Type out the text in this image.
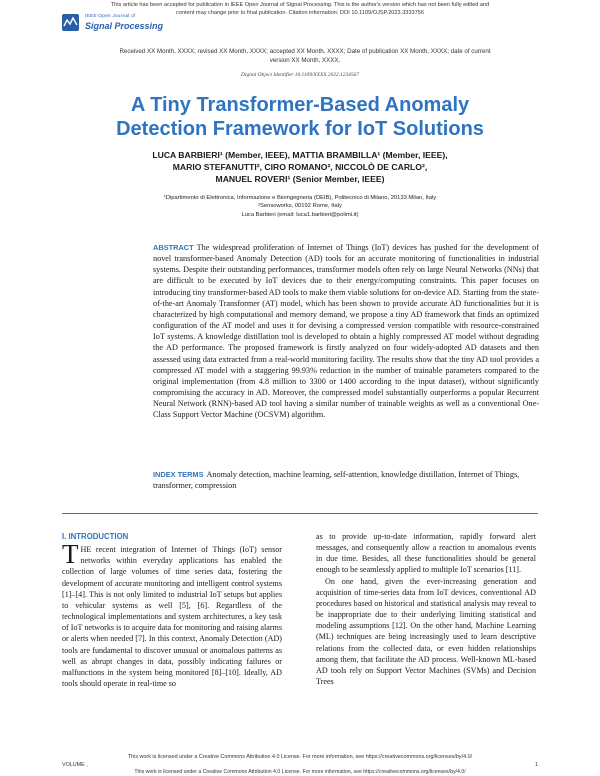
This article has been accepted for publication in IEEE Open Journal of Signal Processing. This is the author's version which has not been fully edited and
content may change prior to final publication. Citation information: DOI 10.1109/OJSP.2023.3333756
IEEE Open Journal of
Signal Processing
Received XX Month, XXXX; revised XX Month, XXXX; accepted XX Month, XXXX; Date of publication XX Month, XXXX; date of current version XX Month, XXXX.
Digital Object Identifier 10.1109/XXXX.2022.1234567
A Tiny Transformer-Based Anomaly
Detection Framework for IoT Solutions
LUCA BARBIERI¹ (Member, IEEE), MATTIA BRAMBILLA¹ (Member, IEEE),
MARIO STEFANUTTI², CIRO ROMANO², NICCOLÒ DE CARLO²,
MANUEL ROVERI¹ (Senior Member, IEEE)
¹Dipartimento di Elettronica, Informazione e Bioingegneria (DEIB), Politecnico di Milano, 20133 Milan, Italy
²Sensoworks, 00192 Rome, Italy
Luca Barbieri (email: luca1.barbieri@polimi.it)
ABSTRACT The widespread proliferation of Internet of Things (IoT) devices has pushed for the development of novel transformer-based Anomaly Detection (AD) tools for an accurate monitoring of functionalities in industrial systems. Despite their outstanding performances, transformer models often rely on large Neural Networks (NNs) that are difficult to be executed by IoT devices due to their energy/computing constraints. This paper focuses on introducing tiny transformer-based AD tools to make them viable solutions for on-device AD. Starting from the state-of-the-art Anomaly Transformer (AT) model, which has been shown to provide accurate AD functionalities but it is characterized by high computational and memory demand, we propose a tiny AD framework that finds an optimized configuration of the AT model and uses it for devising a compressed version compatible with resource-constrained IoT systems. A knowledge distillation tool is developed to obtain a highly compressed AT model without degrading the AD performance. The proposed framework is firstly analyzed on four widely-adopted AD datasets and then assessed using data extracted from a real-world monitoring facility. The results show that the tiny AD tool provides a compressed AT model with a staggering 99.93% reduction in the number of trainable parameters compared to the original implementation (from 4.8 million to 3300 or 1400 according to the input dataset), without significantly compromising the accuracy in AD. Moreover, the compressed model substantially outperforms a popular Recurrent Neural Network (RNN)-based AD tool having a similar number of trainable weights as well as a conventional One-Class Support Vector Machine (OCSVM) algorithm.
INDEX TERMS Anomaly detection, machine learning, self-attention, knowledge distillation, Internet of Things, transformer, compression
I. INTRODUCTION

THE recent integration of Internet of Things (IoT) sensor networks within everyday applications has enabled the collection of large volumes of time series data, fostering the development of accurate monitoring and intelligent control systems [1]–[4]. This is not only limited to industrial IoT setups but applies to vehicular systems as well [5], [6]. Regardless of the technological implementations and system architectures, a key task of IoT networks is to acquire data for monitoring and raising alarms or alerts when needed [7]. In this context, Anomaly Detection (AD) tools are fundamental to discover unusual or anomalous patterns as well as abrupt changes in data, possibly indicating failures or malfunctions in the system being monitored [8]–[10]. Ideally, AD tools should operate in real-time so

as to provide up-to-date information, rapidly forward alert messages, and consequently allow a reaction to anomalous events in due time. Besides, all these functionalities should be general enough to be seamlessly applied to multiple IoT scenarios [11].

On one hand, given the ever-increasing generation and acquisition of time-series data from IoT devices, conventional AD procedures based on historical and statistical analysis may reveal to be inappropriate due to their underlying limiting statistical and modeling assumptions [12]. On the other hand, Machine Learning (ML) techniques are being increasingly used to learn descriptive relations from the collected data, or even hidden relationships among them, that facilitate the AD process. Well-known ML-based AD tools rely on Support Vector Machines (SVMs) and Decision Trees

This work is licensed under a Creative Commons Attribution 4.0 License. For more information, see https://creativecommons.org/licenses/by/4.0/
VOLUME ,	1
This work is licensed under a Creative Commons Attribution 4.0 License. For more information, see https://creativecommons.org/licenses/by/4.0/
